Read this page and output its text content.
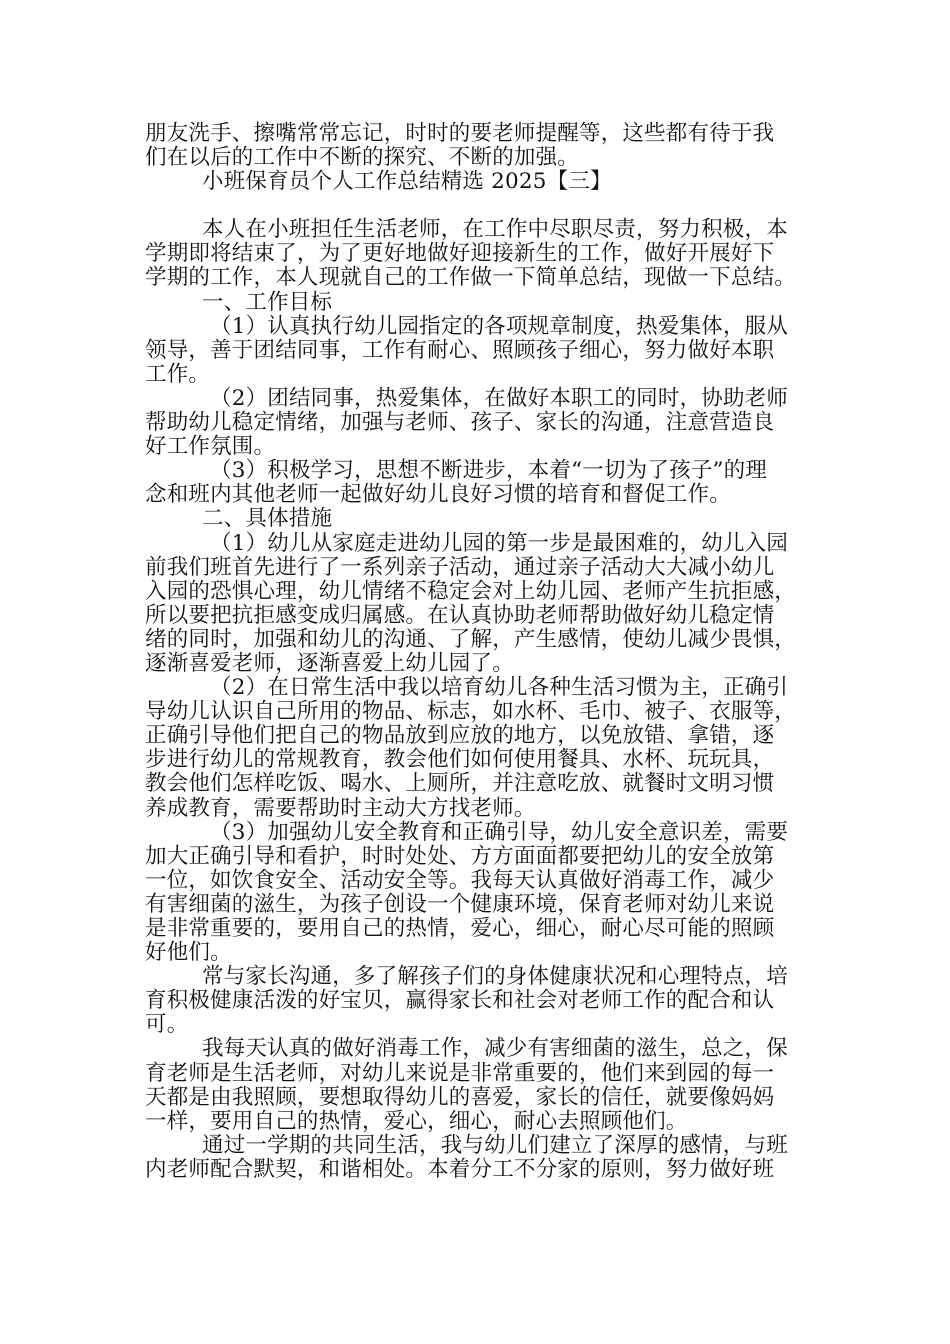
朋友洗手、擦嘴常常忘记，时时的要老师提醒等，这些都有待于我
们在以后的工作中不断的探究、不断的加强。
小班保育员个人工作总结精选 2025【三】
本人在小班担任生活老师，在工作中尽职尽责，努力积极，本
学期即将结束了，为了更好地做好迎接新生的工作，做好开展好下
学期的工作，本人现就自己的工作做一下简单总结，现做一下总结。
一、工作目标
（1）认真执行幼儿园指定的各项规章制度，热爱集体，服从
领导，善于团结同事，工作有耐心、照顾孩子细心，努力做好本职
工作。
（2）团结同事，热爱集体，在做好本职工的同时，协助老师
帮助幼儿稳定情绪，加强与老师、孩子、家长的沟通，注意营造良
好工作氛围。
（3）积极学习，思想不断进步，本着“一切为了孩子”的理
念和班内其他老师一起做好幼儿良好习惯的培育和督促工作。
二、具体措施
（1）幼儿从家庭走进幼儿园的第一步是最困难的，幼儿入园
前我们班首先进行了一系列亲子活动，通过亲子活动大大减小幼儿
入园的恐惧心理，幼儿情绪不稳定会对上幼儿园、老师产生抗拒感，
所以要把抗拒感变成归属感。在认真协助老师帮助做好幼儿稳定情
绪的同时，加强和幼儿的沟通、了解，产生感情，使幼儿减少畏惧，
逐渐喜爱老师，逐渐喜爱上幼儿园了。
（2）在日常生活中我以培育幼儿各种生活习惯为主，正确引
导幼儿认识自己所用的物品、标志，如水杯、毛巾、被子、衣服等，
正确引导他们把自己的物品放到应放的地方，以免放错、拿错，逐
步进行幼儿的常规教育，教会他们如何使用餐具、水杯、玩玩具，
教会他们怎样吃饭、喝水、上厕所，并注意吃放、就餐时文明习惯
养成教育，需要帮助时主动大方找老师。
（3）加强幼儿安全教育和正确引导，幼儿安全意识差，需要
加大正确引导和看护，时时处处、方方面面都要把幼儿的安全放第
一位，如饮食安全、活动安全等。我每天认真做好消毒工作，减少
有害细菌的滋生，为孩子创设一个健康环境，保育老师对幼儿来说
是非常重要的，要用自己的热情，爱心，细心，耐心尽可能的照顾
好他们。
常与家长沟通，多了解孩子们的身体健康状况和心理特点，培
育积极健康活泼的好宝贝，赢得家长和社会对老师工作的配合和认
可。
我每天认真的做好消毒工作，减少有害细菌的滋生，总之，保
育老师是生活老师，对幼儿来说是非常重要的，他们来到园的每一
天都是由我照顾，要想取得幼儿的喜爱，家长的信任，就要像妈妈
一样，要用自己的热情，爱心，细心，耐心去照顾他们。
通过一学期的共同生活，我与幼儿们建立了深厚的感情，与班
内老师配合默契，和谐相处。本着分工不分家的原则，努力做好班
